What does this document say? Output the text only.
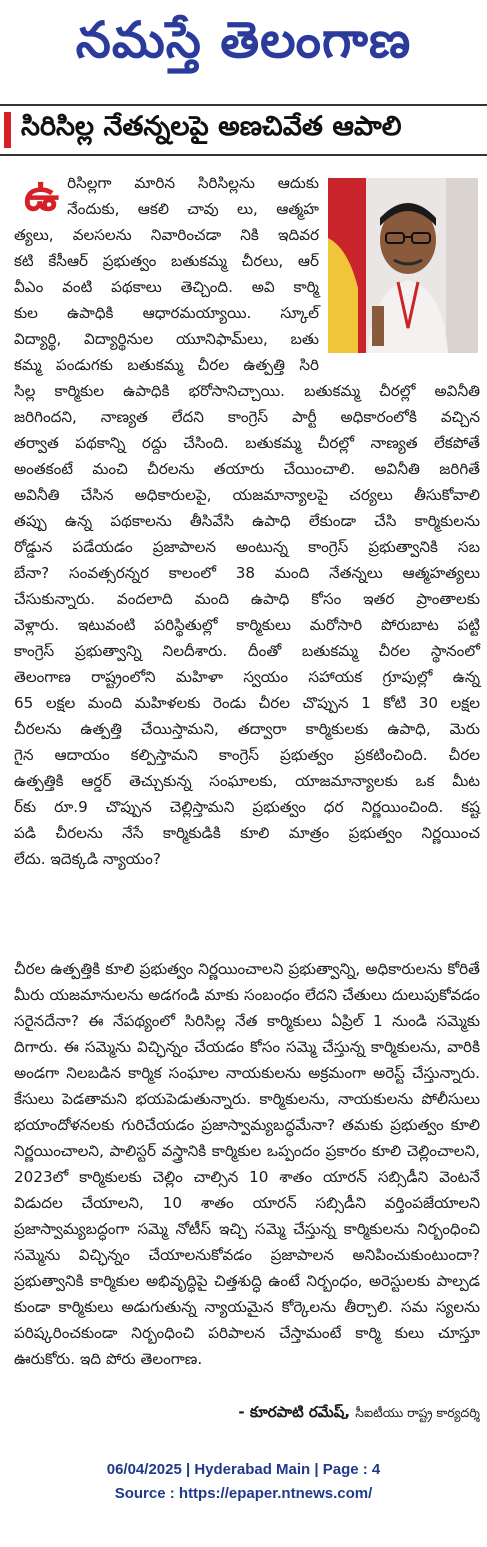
నమస్తే తెలంగాణ
సిరిసిల్ల నేతన్నలపై అణచివేత ఆపాలి
ఉ రిసిల్లగా మారిన సిరిసిల్లను ఆదుకు
నేందుకు, ఆకలి చావు లు, ఆత్మహ
త్యలు, వలసలను నివారించడా నికి ఇదివర
కటి కేసీఆర్ ప్రభుత్వం బతుకమ్మ చీరలు, ఆర్
వీఎం వంటి పథకాలు తెచ్చింది. అవి కార్మి
కుల ఉపాధికి ఆధారమయ్యాయి. స్కూల్
విద్యార్థి, విద్యార్థినుల యూనిఫామ్‌లు, బతు
కమ్మ పండుగకు బతుకమ్మ చీరల ఉత్పత్తి సిరి
సిల్ల కార్మికుల ఉపాధికి భరోసానిచ్చాయి. బతుకమ్మ చీరల్లో అవినీతి
జరిగిందని, నాణ్యత లేదని కాంగ్రెస్ పార్టీ అధికారంలోకి వచ్చిన
తర్వాత పథకాన్ని రద్దు చేసింది. బతుకమ్మ చీరల్లో నాణ్యత లేకపోతే
అంతకంటే మంచి చీరలను తయారు చేయించాలి. అవినీతి జరిగితే
అవినీతి చేసిన అధికారులపై, యజమాన్యాలపై చర్యలు తీసుకోవాలి
తప్పు ఉన్న పథకాలను తీసివేసి ఉపాధి లేకుండా చేసి కార్మికులను
రోడ్డున పడేయడం ప్రజాపాలన అంటున్న కాంగ్రెస్ ప్రభుత్వానికి సబ
బేనా? సంవత్సరన్నర కాలంలో 38 మంది నేతన్నలు ఆత్మహత్యలు
చేసుకున్నారు. వందలాది మంది ఉపాధి కోసం ఇతర ప్రాంతాలకు
వెళ్లారు. ఇటువంటి పరిస్థితుల్లో కార్మికులు మరోసారి పోరుబాట పట్టి
కాంగ్రెస్ ప్రభుత్వాన్ని నిలదీశారు. దీంతో బతుకమ్మ చీరల స్థానంలో
తెలంగాణ రాష్ట్రంలోని మహిళా స్వయం సహాయక గ్రూపుల్లో ఉన్న
65 లక్షల మంది మహిళలకు రెండు చీరల చొప్పున 1 కోటి 30 లక్షల
చీరలను ఉత్పత్తి చేయిస్తామని, తద్వారా కార్మికులకు ఉపాధి, మెరు
గైన ఆదాయం కల్పిస్తామని కాంగ్రెస్ ప్రభుత్వం ప్రకటించింది. చీరల
ఉత్పత్తికి ఆర్డర్ తెచ్చుకున్న సంఘాలకు, యాజమాన్యాలకు ఒక మీట
ర్‌కు రూ.9 చొప్పున చెల్లిస్తామని ప్రభుత్వం ధర నిర్ణయించింది. కష్ట
పడి చీరలను నేసే కార్మికుడికి కూలి మాత్రం ప్రభుత్వం నిర్ణయించ
లేదు. ఇదెక్కడి న్యాయం?

చీరల ఉత్పత్తికి కూలి ప్రభుత్వం నిర్ణయించాలని ప్రభుత్వాన్ని, అధికారులను కోరితే మీరు యజమానులను అడగండి మాకు సంబంధం లేదని చేతులు దులుపుకోవడం సరైనదేనా? ఈ నేపథ్యంలో సిరిసిల్ల నేత కార్మికులు ఏప్రిల్ 1 నుండి సమ్మెకు దిగారు. ఈ సమ్మెను విచ్ఛిన్నం చేయడం కోసం సమ్మె చేస్తున్న కార్మికులను, వారికి అండగా నిలబడిన కార్మిక సంఘాల నాయకులను అక్రమంగా అరెస్ట్ చేస్తున్నారు. కేసులు పెడతామని భయపెడుతున్నారు. కార్మికులను, నాయకులను పోలీసులు భయాందోళనలకు గురిచేయడం ప్రజాస్వామ్యబద్ధమేనా? తమకు ప్రభుత్వం కూలి నిర్ణయించాలని, పాలిస్టర్ వస్త్రానికి కార్మికుల ఒప్పందం ప్రకారం కూలి చెల్లించాలని, 2023లో కార్మికులకు చెల్లిం చాల్సిన 10 శాతం యారన్ సబ్సిడీని వెంటనే విడుదల చేయాలని, 10 శాతం యారన్ సబ్సిడీని వర్తింపజేయాలని ప్రజాస్వామ్యబద్ధంగా సమ్మె నోటీస్ ఇచ్చి సమ్మె చేస్తున్న కార్మికులను నిర్బంధించి సమ్మెను విచ్ఛిన్నం చేయాలనుకోవడం ప్రజాపాలన అనిపించుకుంటుందా? ప్రభుత్వానికి కార్మికుల అభివృద్ధిపై చిత్తశుద్ధి ఉంటే నిర్బంధం, అరెస్టులకు పాల్పడ కుండా కార్మికులు అడుగుతున్న న్యాయమైన కోర్కెలను తీర్చాలి. సమ స్యలను పరిష్కరించకుండా నిర్బంధించి పరిపాలన చేస్తామంటే కార్మి కులు చూస్తూ ఊరుకోరు. ఇది పోరు తెలంగాణ.

- కూరపాటి రమేష్, సీఐటీయు రాష్ట్ర కార్యదర్శి
06/04/2025 | Hyderabad Main | Page : 4
Source : https://epaper.ntnews.com/
